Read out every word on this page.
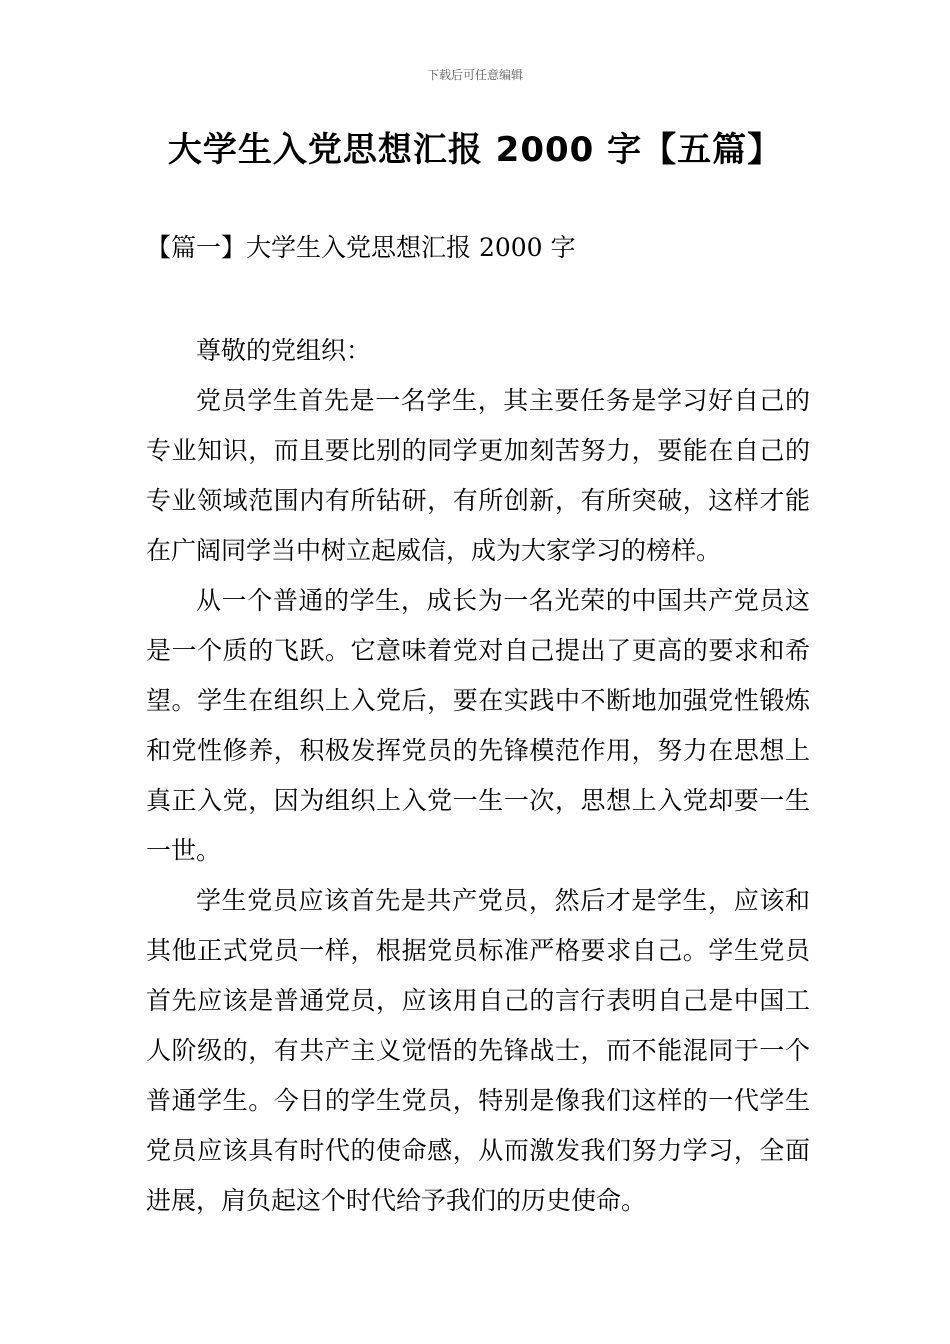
下载后可任意编辑
大学生入党思想汇报 2000 字【五篇】
【篇一】大学生入党思想汇报 2000 字

尊敬的党组织：

党员学生首先是一名学生，其主要任务是学习好自己的专业知识，而且要比别的同学更加刻苦努力，要能在自己的专业领域范围内有所钻研，有所创新，有所突破，这样才能在广阔同学当中树立起威信，成为大家学习的榜样。

从一个普通的学生，成长为一名光荣的中国共产党员这是一个质的飞跃。它意味着党对自己提出了更高的要求和希望。学生在组织上入党后，要在实践中不断地加强党性锻炼和党性修养，积极发挥党员的先锋模范作用，努力在思想上真正入党，因为组织上入党一生一次，思想上入党却要一生一世。

学生党员应该首先是共产党员，然后才是学生，应该和其他正式党员一样，根据党员标准严格要求自己。学生党员首先应该是普通党员，应该用自己的言行表明自己是中国工人阶级的，有共产主义觉悟的先锋战士，而不能混同于一个普通学生。今日的学生党员，特别是像我们这样的一代学生党员应该具有时代的使命感，从而激发我们努力学习，全面进展，肩负起这个时代给予我们的历史使命。
